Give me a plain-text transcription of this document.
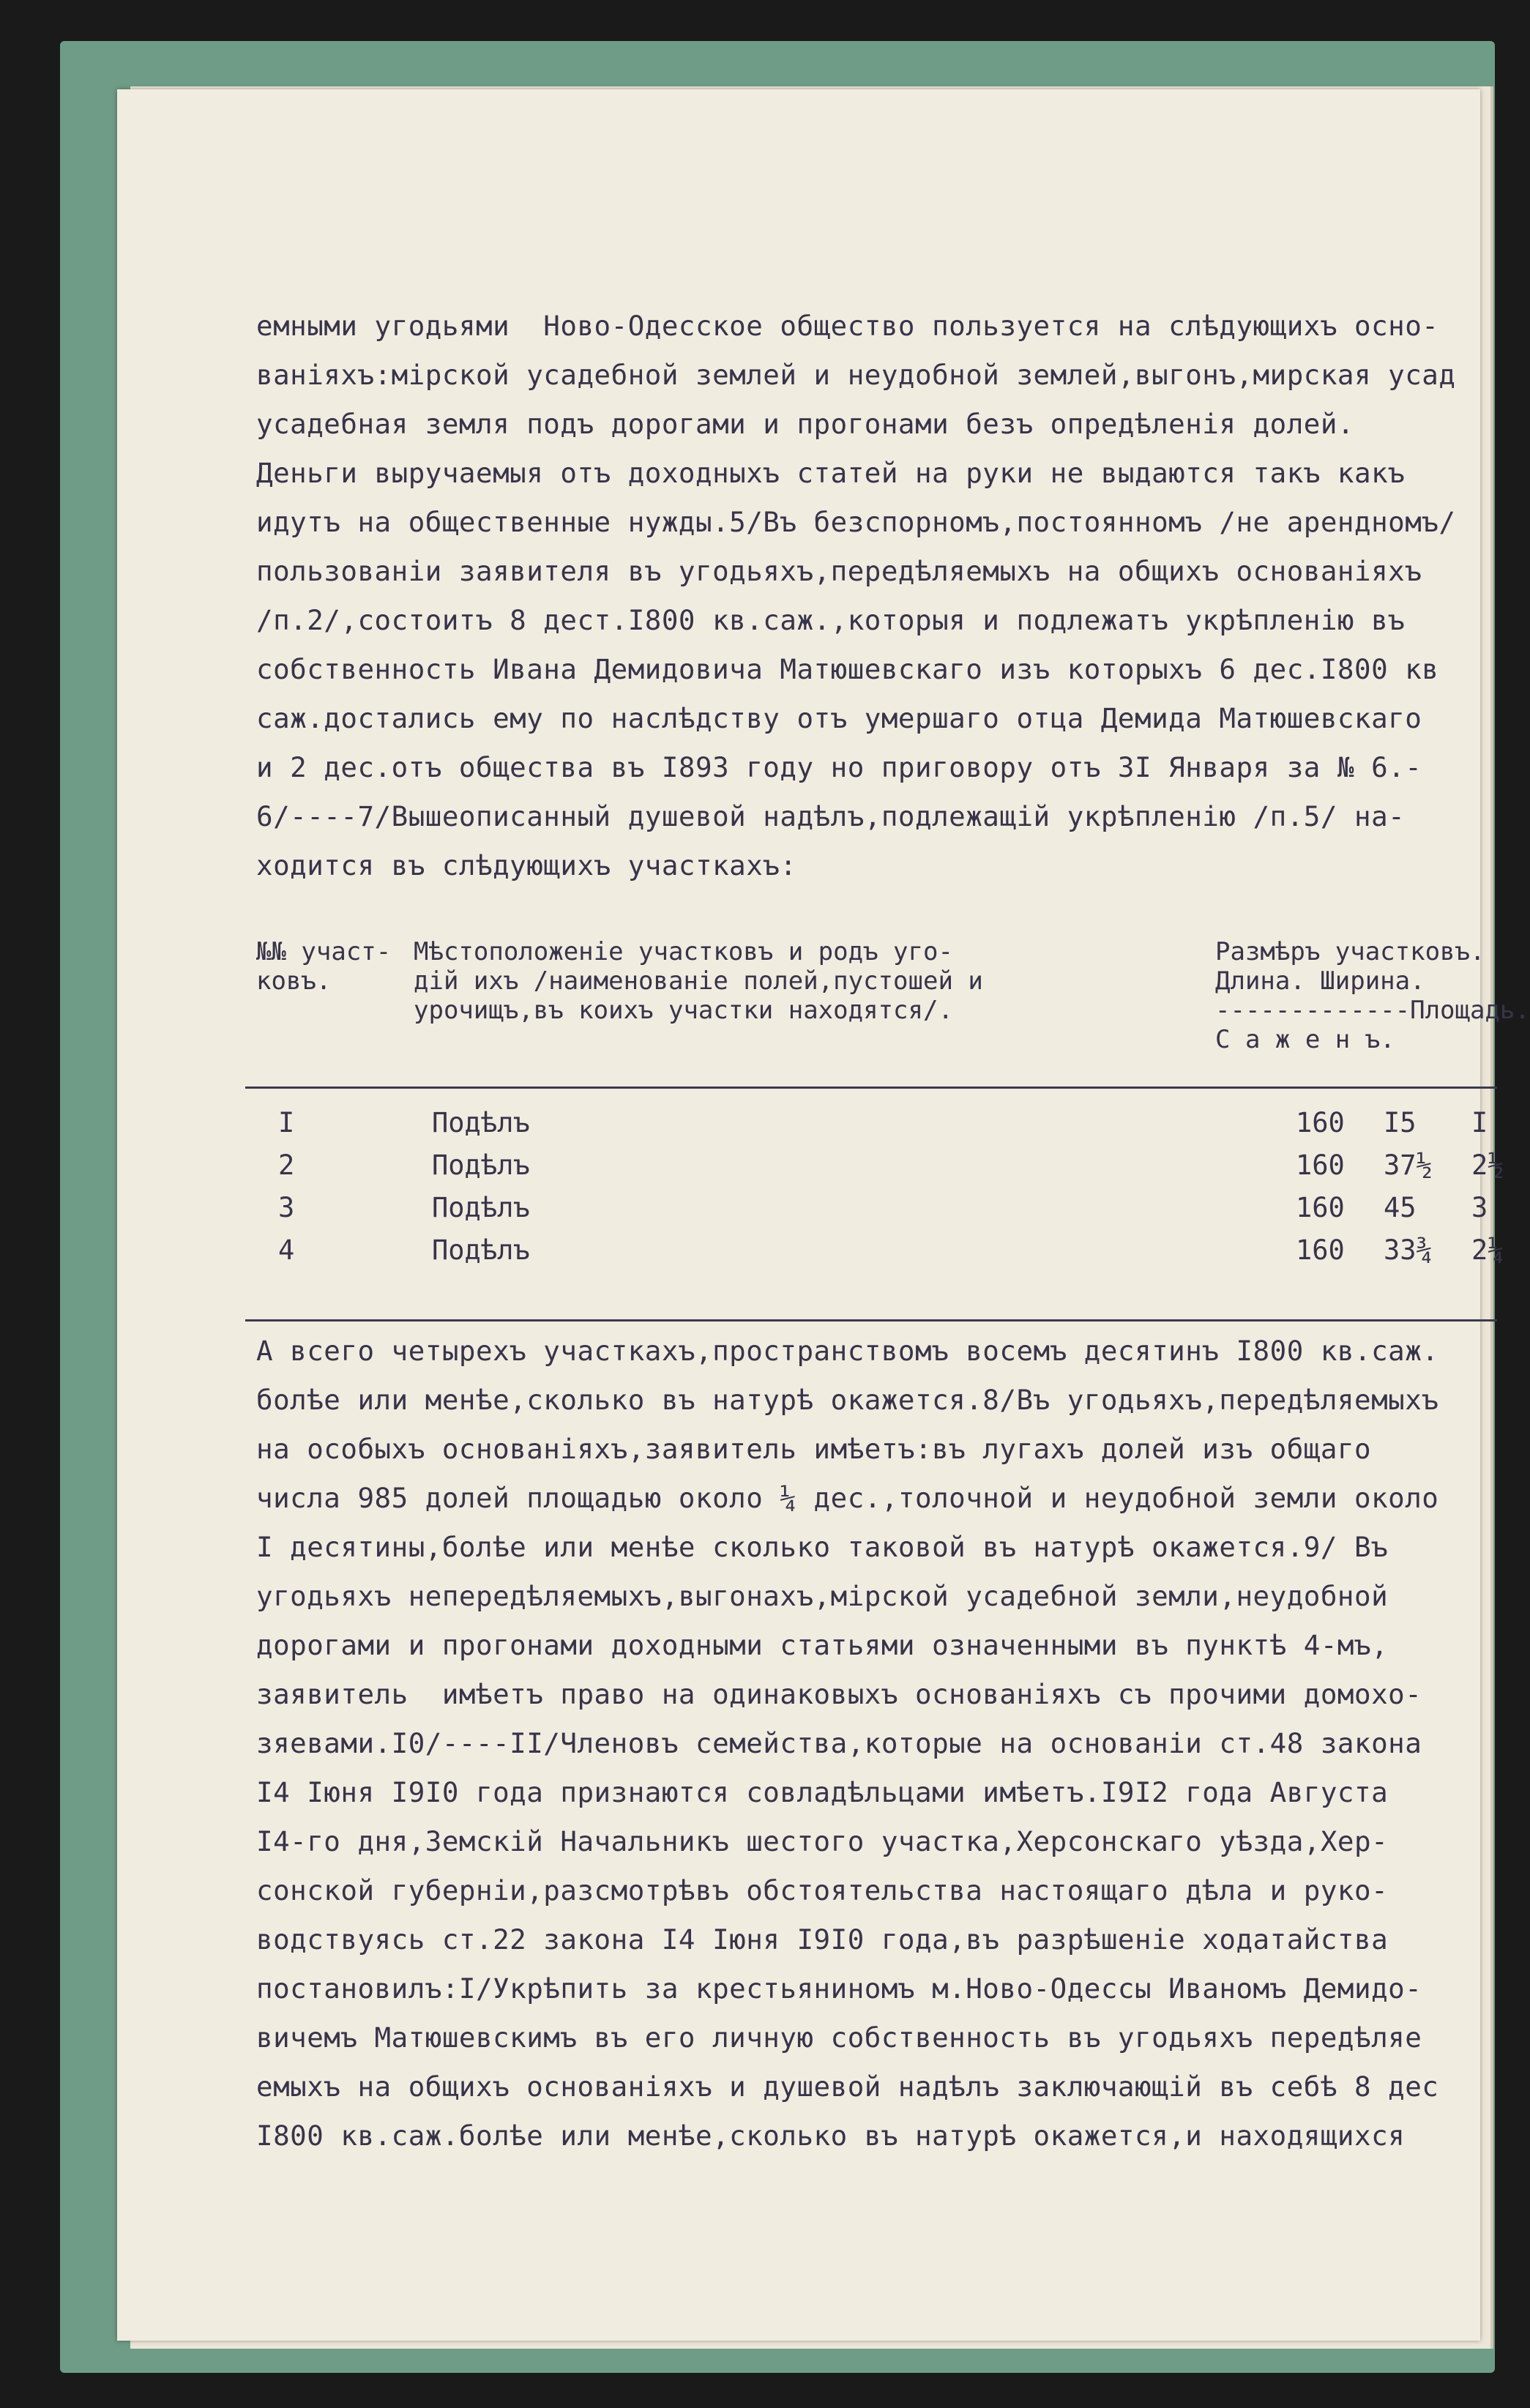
емными угодьями  Ново-Одесское общество пользуется на слѣдующихъ осно-
ваніяхъ:мірской усадебной землей и неудобной землей,выгонъ,мирская усад
усадебная земля подъ дорогами и прогонами безъ опредѣленія долей.
Деньги выручаемыя отъ доходныхъ статей на руки не выдаются такъ какъ
идутъ на общественные нужды.5/Въ безспорномъ,постоянномъ /не арендномъ/
пользованіи заявителя въ угодьяхъ,передѣляемыхъ на общихъ основаніяхъ
/п.2/,состоитъ 8 дест.I800 кв.саж.,которыя и подлежатъ укрѣпленію въ
собственность Ивана Демидовича Матюшевскаго изъ которыхъ 6 дес.I800 кв
саж.достались ему по наслѣдству отъ умершаго отца Демида Матюшевскаго
и 2 дес.отъ общества въ I893 году но приговору отъ 3I Января за № 6.-
6/----7/Вышеописанный душевой надѣлъ,подлежащій укрѣпленію /п.5/ на-
ходится въ слѣдующихъ участкахъ:
№№ участ-
ковъ.
Мѣстоположеніе участковъ и родъ уго-
дій ихъ /наименованіе полей,пустошей и
урочищъ,въ коихъ участки находятся/.
Размѣръ участковъ.
Длина. Ширина.
-------------Площадь.
С а ж е н ъ.
I	Подѣлъ	160 I5 I
2	Подѣлъ	160 37½ 2½
3	Подѣлъ	160 45 3
4	Подѣлъ	160 33¾ 2¼
А всего четырехъ участкахъ,пространствомъ восемъ десятинъ I800 кв.саж.
болѣе или менѣе,сколько въ натурѣ окажется.8/Въ угодьяхъ,передѣляемыхъ
на особыхъ основаніяхъ,заявитель имѣетъ:въ лугахъ долей изъ общаго
числа 985 долей площадью около ¼ дес.,толочной и неудобной земли около
I десятины,болѣе или менѣе сколько таковой въ натурѣ окажется.9/ Въ
угодьяхъ непередѣляемыхъ,выгонахъ,мірской усадебной земли,неудобной
дорогами и прогонами доходными статьями означенными въ пунктѣ 4-мъ,
заявитель  имѣетъ право на одинаковыхъ основаніяхъ съ прочими домохо-
зяевами.I0/----II/Членовъ семейства,которые на основаніи ст.48 закона
I4 Іюня I9I0 года признаются совладѣльцами имѣетъ.I9I2 года Августа
I4-го дня,Земскій Начальникъ шестого участка,Херсонскаго уѣзда,Хер-
сонской губерніи,разсмотрѣвъ обстоятельства настоящаго дѣла и руко-
водствуясь ст.22 закона I4 Іюня I9I0 года,въ разрѣшеніе ходатайства
постановилъ:I/Укрѣпить за крестьяниномъ м.Ново-Одессы Иваномъ Демидо-
вичемъ Матюшевскимъ въ его личную собственность въ угодьяхъ передѣляе
емыхъ на общихъ основаніяхъ и душевой надѣлъ заключающій въ себѣ 8 дес
I800 кв.саж.болѣе или менѣе,сколько въ натурѣ окажется,и находящихся
